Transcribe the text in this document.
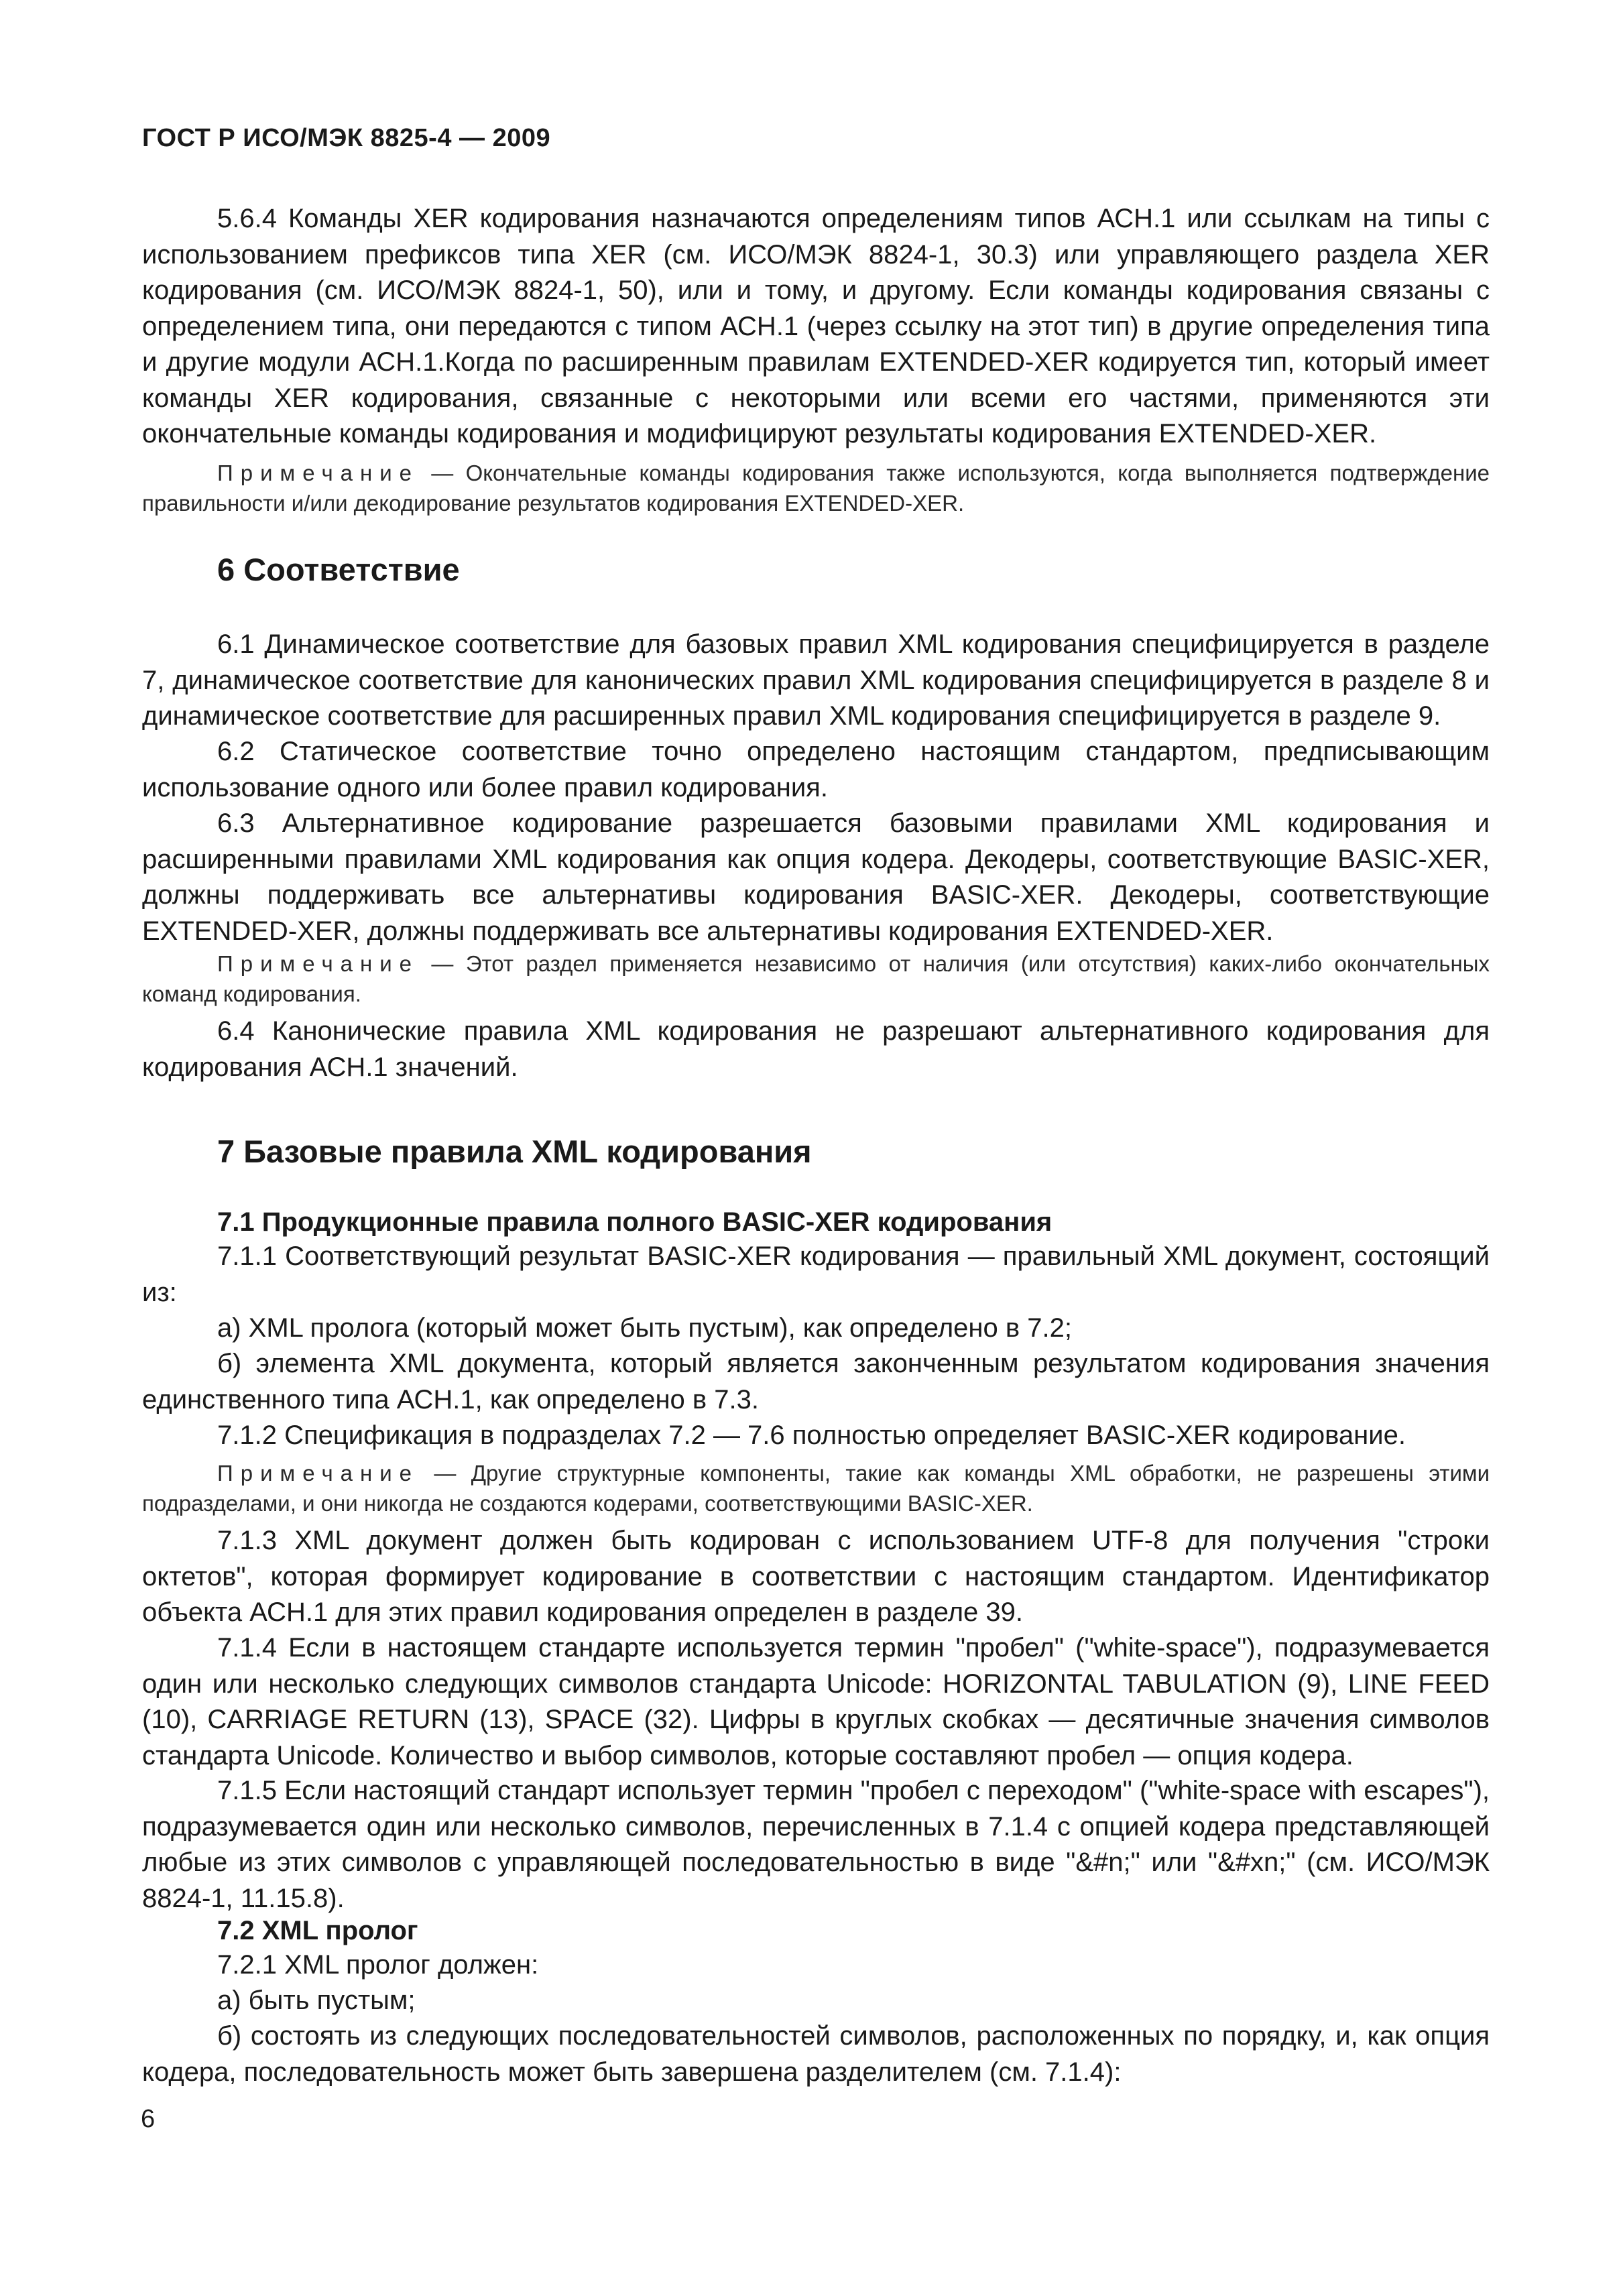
ГОСТ Р ИСО/МЭК 8825-4 — 2009
5.6.4 Команды XER кодирования назначаются определениям типов АСН.1 или ссылкам на типы с использованием префиксов типа XER (см. ИСО/МЭК 8824-1, 30.3) или управляющего раздела XER кодирования (см. ИСО/МЭК 8824-1, 50), или и тому, и другому. Если команды кодирования связаны с определением типа, они передаются с типом АСН.1 (через ссылку на этот тип) в другие определения типа и другие модули АСН.1.Когда по расширенным правилам EXTENDED-XER кодируется тип, который имеет команды XER кодирования, связанные с некоторыми или всеми его частями, применяются эти окончательные команды кодирования и модифицируют результаты кодирования EXTENDED-XER.
Примечание — Окончательные команды кодирования также используются, когда выполняется подтверждение правильности и/или декодирование результатов кодирования EXTENDED-XER.
6 Соответствие
6.1 Динамическое соответствие для базовых правил XML кодирования специфицируется в разделе 7, динамическое соответствие для канонических правил XML кодирования специфицируется в разделе 8 и динамическое соответствие для расширенных правил XML кодирования специфицируется в разделе 9.
6.2 Статическое соответствие точно определено настоящим стандартом, предписывающим использование одного или более правил кодирования.
6.3 Альтернативное кодирование разрешается базовыми правилами XML кодирования и расширенными правилами XML кодирования как опция кодера. Декодеры, соответствующие BASIC-XER, должны поддерживать все альтернативы кодирования BASIC-XER. Декодеры, соответствующие EXTENDED-XER, должны поддерживать все альтернативы кодирования EXTENDED-XER.
Примечание — Этот раздел применяется независимо от наличия (или отсутствия) каких-либо окончательных команд кодирования.
6.4 Канонические правила XML кодирования не разрешают альтернативного кодирования для кодирования АСН.1 значений.
7 Базовые правила XML кодирования
7.1 Продукционные правила полного BASIC-XER кодирования
7.1.1 Соответствующий результат BASIC-XER кодирования — правильный XML документ, состоящий из:
а) XML пролога (который может быть пустым), как определено в 7.2;
б) элемента XML документа, который является законченным результатом кодирования значения единственного типа АСН.1, как определено в 7.3.
7.1.2 Спецификация в подразделах 7.2 — 7.6 полностью определяет BASIC-XER кодирование.
Примечание — Другие структурные компоненты, такие как команды XML обработки, не разрешены этими подразделами, и они никогда не создаются кодерами, соответствующими BASIC-XER.
7.1.3 XML документ должен быть кодирован с использованием UTF-8 для получения "строки октетов", которая формирует кодирование в соответствии с настоящим стандартом. Идентификатор объекта АСН.1 для этих правил кодирования определен в разделе 39.
7.1.4 Если в настоящем стандарте используется термин "пробел" ("white-space"), подразумевается один или несколько следующих символов стандарта Unicode: HORIZONTAL TABULATION (9), LINE FEED (10), CARRIAGE RETURN (13), SPACE (32). Цифры в круглых скобках — десятичные значения символов стандарта Unicode. Количество и выбор символов, которые составляют пробел — опция кодера.
7.1.5 Если настоящий стандарт использует термин "пробел с переходом" ("white-space with escapes"), подразумевается один или несколько символов, перечисленных в 7.1.4 с опцией кодера представляющей любые из этих символов с управляющей последовательностью в виде "&#n;" или "&#xn;" (см. ИСО/МЭК 8824-1, 11.15.8).
7.2 XML пролог
7.2.1 XML пролог должен:
а) быть пустым;
б) состоять из следующих последовательностей символов, расположенных по порядку, и, как опция кодера, последовательность может быть завершена разделителем (см. 7.1.4):
6
